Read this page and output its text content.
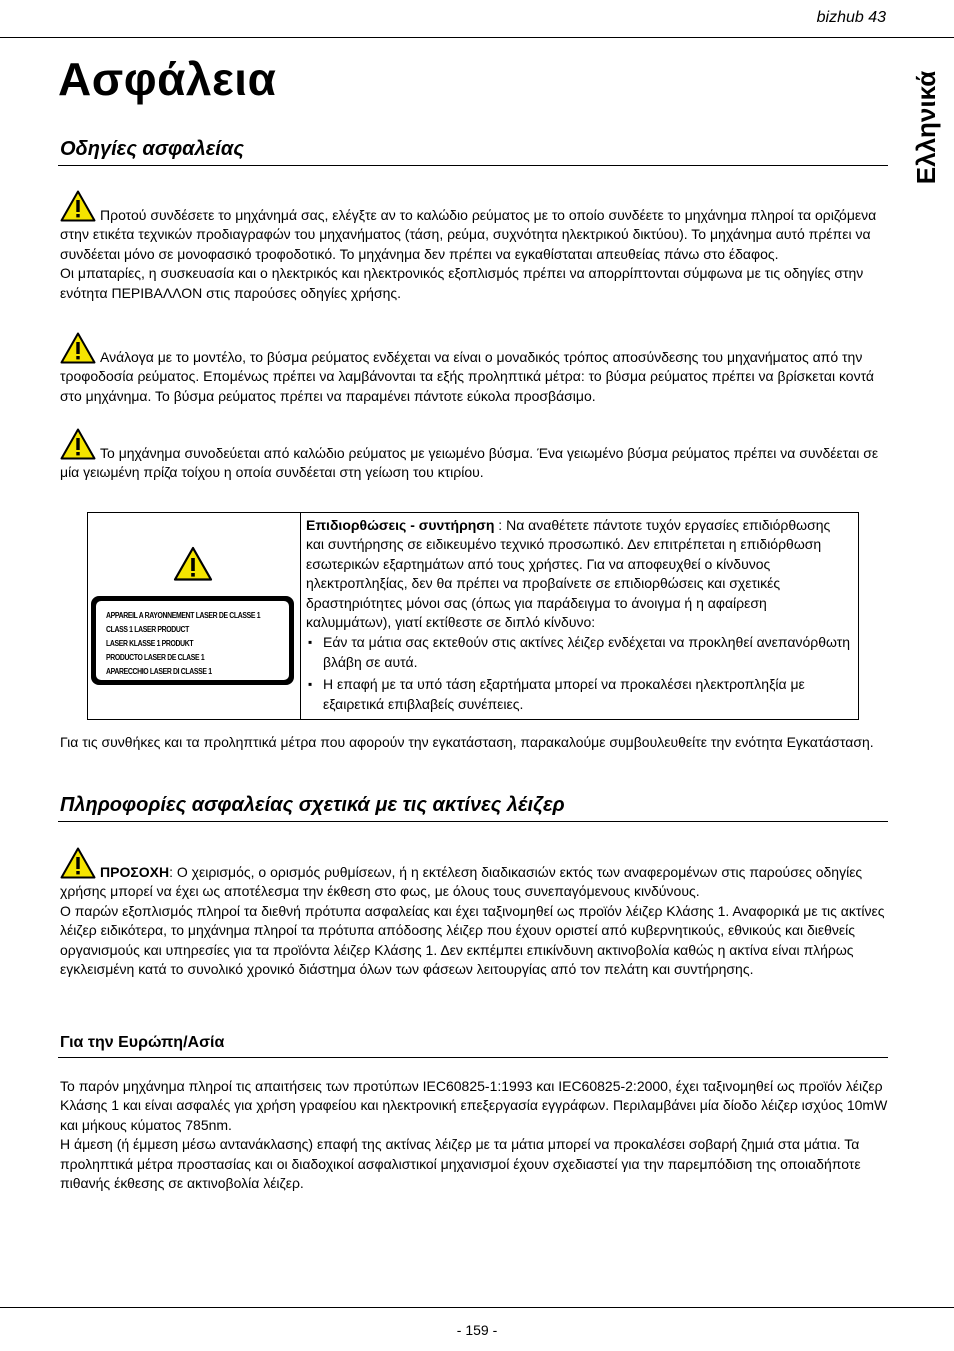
bizhub 43
Ελληνικά
Ασφάλεια
Οδηγίες ασφαλείας

Προτού συνδέσετε το μηχάνημά σας, ελέγξτε αν το καλώδιο ρεύματος με το οποίο συνδέετε το μηχάνημα πληροί τα οριζόμενα στην ετικέτα τεχνικών προδιαγραφών του μηχανήματος (τάση, ρεύμα, συχνότητα ηλεκτρικού δικτύου). Το μηχάνημα αυτό πρέπει να συνδέεται μόνο σε μονοφασικό τροφοδοτικό. Το μηχάνημα δεν πρέπει να εγκαθίσταται απευθείας πάνω στο έδαφος.

Οι μπαταρίες, η συσκευασία και ο ηλεκτρικός και ηλεκτρονικός εξοπλισμός πρέπει να απορρίπτονται σύμφωνα με τις οδηγίες στην ενότητα ΠΕΡΙΒΑΛΛΟΝ στις παρούσες οδηγίες χρήσης.

Ανάλογα με το μοντέλο, το βύσμα ρεύματος ενδέχεται να είναι ο μοναδικός τρόπος αποσύνδεσης του μηχανήματος από την τροφοδοσία ρεύματος. Επομένως πρέπει να λαμβάνονται τα εξής προληπτικά μέτρα: το βύσμα ρεύματος πρέπει να βρίσκεται κοντά στο μηχάνημα. Το βύσμα ρεύματος πρέπει να παραμένει πάντοτε εύκολα προσβάσιμο.

Το μηχάνημα συνοδεύεται από καλώδιο ρεύματος με γειωμένο βύσμα. Ένα γειωμένο βύσμα ρεύματος πρέπει να συνδέεται σε μία γειωμένη πρίζα τοίχου η οποία συνδέεται στη γείωση του κτιρίου.

APPAREIL A RAYONNEMENT LASER DE CLASSE 1
CLASS 1 LASER PRODUCT
LASER KLASSE 1 PRODUKT
PRODUCTO LASER DE CLASE 1
APARECCHIO LASER DI CLASSE 1

Επιδιορθώσεις - συντήρηση : Να αναθέτετε πάντοτε τυχόν εργασίες επιδιόρθωσης και συντήρησης σε ειδικευμένο τεχνικό προσωπικό. Δεν επιτρέπεται η επιδιόρθωση εσωτερικών εξαρτημάτων από τους χρήστες. Για να αποφευχθεί ο κίνδυνος ηλεκτροπληξίας, δεν θα πρέπει να προβαίνετε σε επιδιορθώσεις και σχετικές δραστηριότητες μόνοι σας (όπως για παράδειγμα το άνοιγμα ή η αφαίρεση καλυμμάτων), γιατί εκτίθεστε σε διπλό κίνδυνο:

▪ Εάν τα μάτια σας εκτεθούν στις ακτίνες λέιζερ ενδέχεται να προκληθεί ανεπανόρθωτη βλάβη σε αυτά.
▪ Η επαφή με τα υπό τάση εξαρτήματα μπορεί να προκαλέσει ηλεκτροπληξία με εξαιρετικά επιβλαβείς συνέπειες.
Για τις συνθήκες και τα προληπτικά μέτρα που αφορούν την εγκατάσταση, παρακαλούμε συμβουλευθείτε την ενότητα Εγκατάσταση.
Πληροφορίες ασφαλείας σχετικά με τις ακτίνες λέιζερ

ΠΡΟΣΟΧΗ: Ο χειρισμός, ο ορισμός ρυθμίσεων, ή η εκτέλεση διαδικασιών εκτός των αναφερομένων στις παρούσες οδηγίες χρήσης μπορεί να έχει ως αποτέλεσμα την έκθεση στο φως, με όλους τους συνεπαγόμενους κινδύνους.

Ο παρών εξοπλισμός πληροί τα διεθνή πρότυπα ασφαλείας και έχει ταξινομηθεί ως προϊόν λέιζερ Κλάσης 1. Αναφορικά με τις ακτίνες λέιζερ ειδικότερα, το μηχάνημα πληροί τα πρότυπα απόδοσης λέιζερ που έχουν οριστεί από κυβερνητικούς, εθνικούς και διεθνείς οργανισμούς και υπηρεσίες για τα προϊόντα λέιζερ Κλάσης 1. Δεν εκπέμπει επικίνδυνη ακτινοβολία καθώς η ακτίνα είναι πλήρως εγκλεισμένη κατά το συνολικό χρονικό διάστημα όλων των φάσεων λειτουργίας από τον πελάτη και συντήρησης.

Για την Ευρώπη/Ασία

Το παρόν μηχάνημα πληροί τις απαιτήσεις των προτύπων IEC60825-1:1993 και IEC60825-2:2000, έχει ταξινομηθεί ως προϊόν λέιζερ Κλάσης 1 και είναι ασφαλές για χρήση γραφείου και ηλεκτρονική επεξεργασία εγγράφων. Περιλαμβάνει μία δίοδο λέιζερ ισχύος 10mW και μήκους κύματος 785nm.

Η άμεση (ή έμμεση μέσω αντανάκλασης) επαφή της ακτίνας λέιζερ με τα μάτια μπορεί να προκαλέσει σοβαρή ζημιά στα μάτια. Τα προληπτικά μέτρα προστασίας και οι διαδοχικοί ασφαλιστικοί μηχανισμοί έχουν σχεδιαστεί για την παρεμπόδιση της οποιαδήποτε πιθανής έκθεσης σε ακτινοβολία λέιζερ.

- 159 -
